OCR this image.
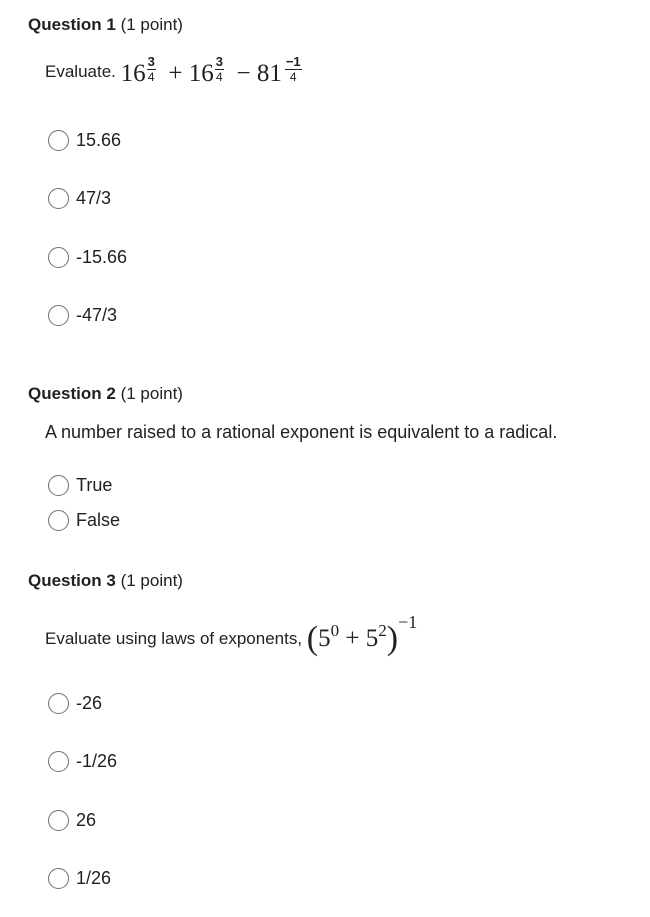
Question 1 (1 point)
Evaluate. $16 \frac{3}{4} + 16 \frac{3}{4} - 81 \frac{-1}{4}$
15.66
47/3
-15.66
-47/3
Question 2 (1 point)
A number raised to a rational exponent is equivalent to a radical.
True
False
Question 3 (1 point)
Evaluate using laws of exponents, $(5^0 + 5^2)^{-1}$
-26
-1/26
26
1/26
